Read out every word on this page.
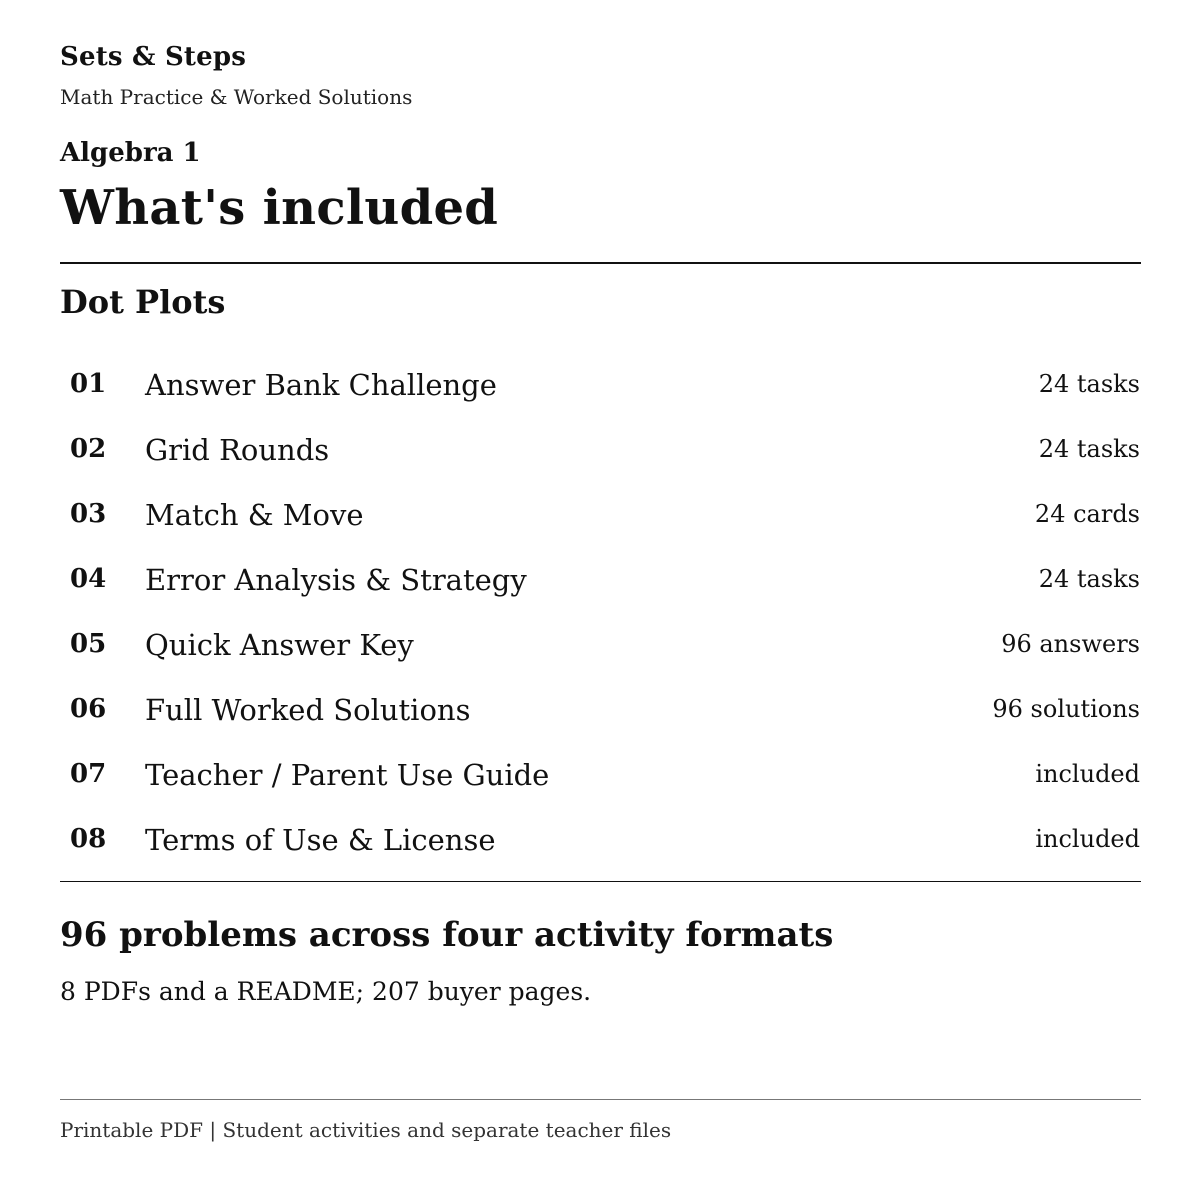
Sets & Steps
Math Practice & Worked Solutions
Algebra 1
What's included
Dot Plots
01 Answer Bank Challenge	24 tasks
02 Grid Rounds	24 tasks
03 Match & Move	24 cards
04 Error Analysis & Strategy	24 tasks
05 Quick Answer Key	96 answers
06 Full Worked Solutions	96 solutions
07 Teacher / Parent Use Guide	included
08 Terms of Use & License	included
96 problems across four activity formats
8 PDFs and a README; 207 buyer pages.
Printable PDF | Student activities and separate teacher files
